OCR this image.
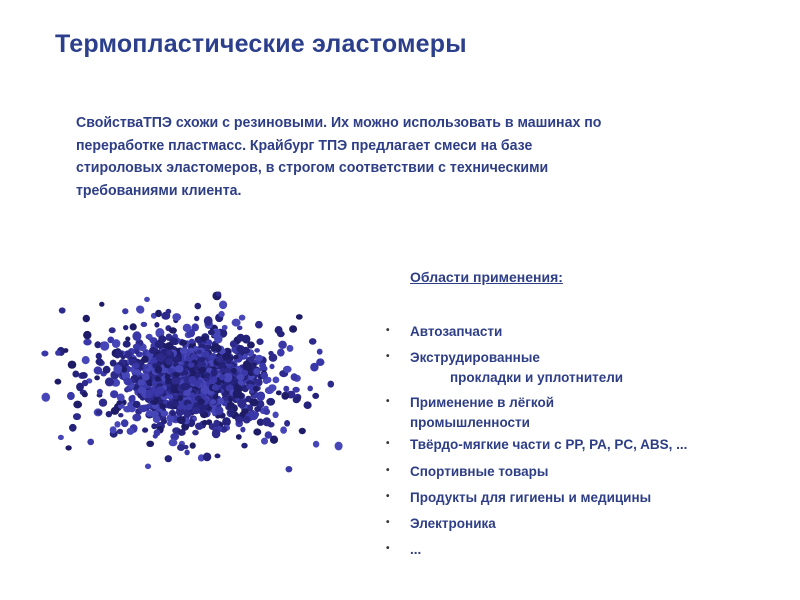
Термопластические эластомеры
СвойстваТПЭ схожи с резиновыми. Их можно использовать в машинах по
переработке пластмасс. Крайбург ТПЭ предлагает смеси на базе
стироловых эластомеров, в строгом соответствии с техническими
требованиями клиента.
Области применения:
• Автозапчасти
• Экструдированные
прокладки и уплотнители
• Применение в лёгкой
промышленности
• Твёрдо-мягкие части с PP, PA, PC, ABS, ...
• Спортивные товары
• Продукты для гигиены и медицины
• Электроника
• ...
